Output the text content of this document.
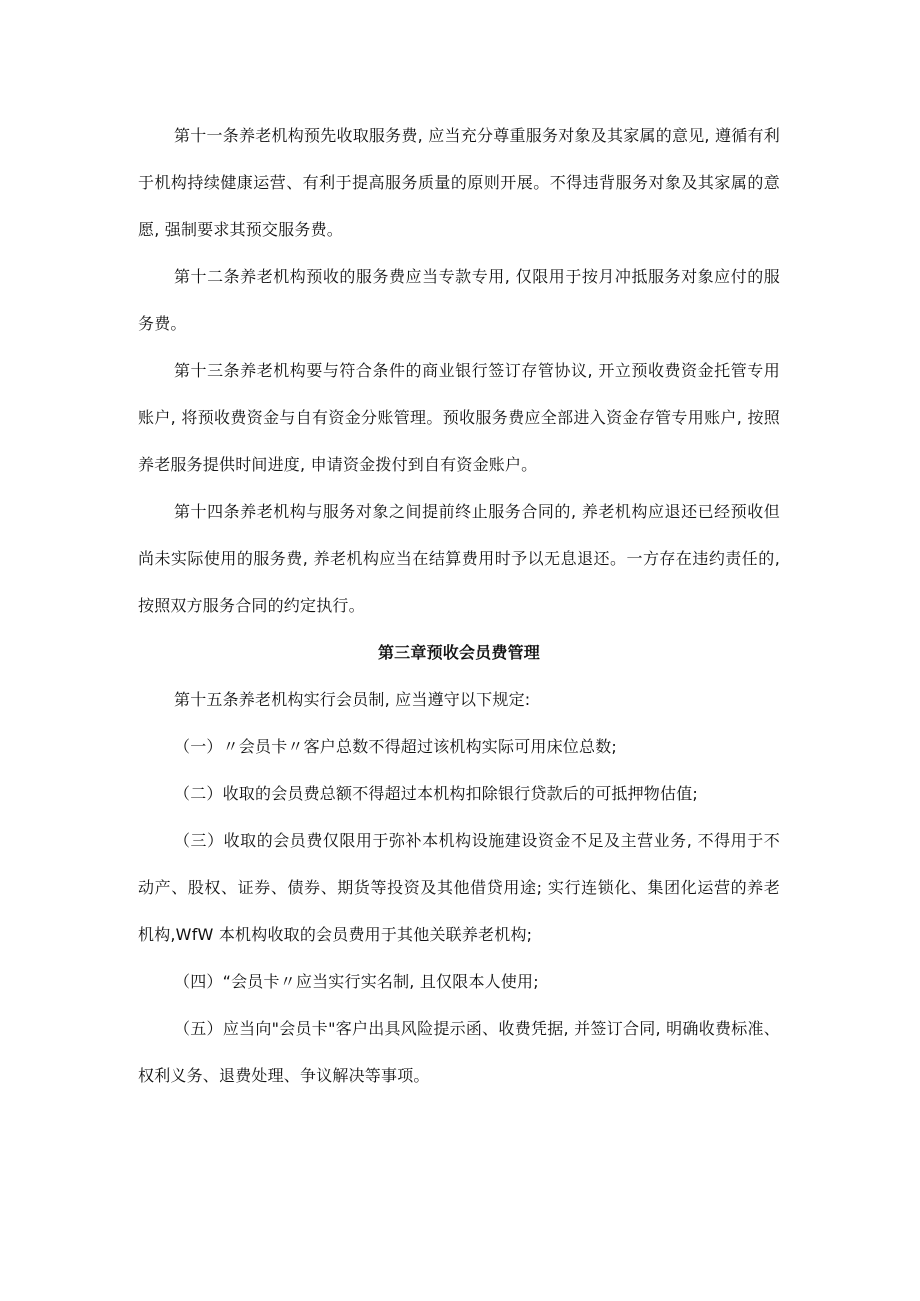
第十一条养老机构预先收取服务费, 应当充分尊重服务对象及其家属的意见, 遵循有利于机构持续健康运营、有利于提高服务质量的原则开展。不得违背服务对象及其家属的意愿, 强制要求其预交服务费。

第十二条养老机构预收的服务费应当专款专用, 仅限用于按月冲抵服务对象应付的服务费。

第十三条养老机构要与符合条件的商业银行签订存管协议, 开立预收费资金托管专用账户, 将预收费资金与自有资金分账管理。预收服务费应全部进入资金存管专用账户, 按照养老服务提供时间进度, 申请资金拨付到自有资金账户。

第十四条养老机构与服务对象之间提前终止服务合同的, 养老机构应退还已经预收但尚未实际使用的服务费, 养老机构应当在结算费用时予以无息退还。一方存在违约责任的, 按照双方服务合同的约定执行。

第三章预收会员费管理

第十五条养老机构实行会员制, 应当遵守以下规定:

（一）〃会员卡〃客户总数不得超过该机构实际可用床位总数;

（二）收取的会员费总额不得超过本机构扣除银行贷款后的可抵押物估值;

（三）收取的会员费仅限用于弥补本机构设施建设资金不足及主营业务, 不得用于不动产、股权、证券、债券、期货等投资及其他借贷用途; 实行连锁化、集团化运营的养老机构,WfW 本机构收取的会员费用于其他关联养老机构;

（四）“会员卡〃应当实行实名制, 且仅限本人使用;

（五）应当向"会员卡"客户出具风险提示函、收费凭据, 并签订合同, 明确收费标准、权利义务、退费处理、争议解决等事项。
